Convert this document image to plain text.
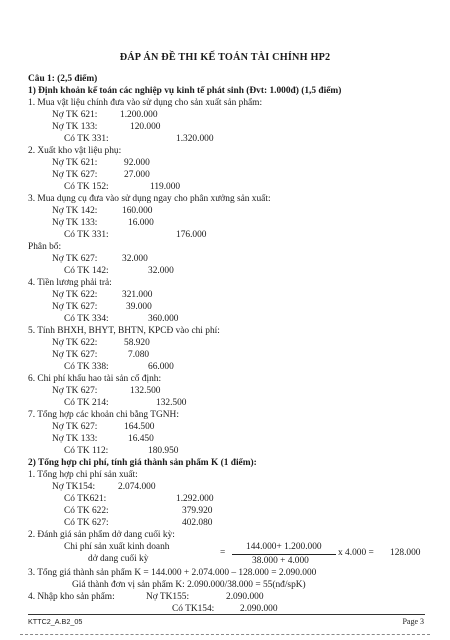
ĐÁP ÁN ĐỀ THI KẾ TOÁN TÀI CHÍNH HP2
Câu 1: (2,5 điểm)
1) Định khoản kế toán các nghiệp vụ kinh tế phát sinh (Đvt: 1.000đ) (1,5 điểm)
1. Mua vật liệu chính đưa vào sử dụng cho sản xuất sản phẩm:
Nợ TK 621: 1.200.000
Nợ TK 133:	120.000
Có TK 331:	1.320.000
2. Xuất kho vật liệu phụ:
Nợ TK 621:	92.000
Nợ TK 627:	27.000
Có TK 152:	119.000
3. Mua dụng cụ đưa vào sử dụng ngay cho phân xưởng sản xuất:
Nợ TK 142:	160.000
Nợ TK 133:	16.000
Có TK 331:	176.000
Phân bổ:
Nợ TK 627:	32.000
Có TK 142:	32.000
4. Tiền lương phải trả:
Nợ TK 622:	321.000
Nợ TK 627:	39.000
Có TK 334:	360.000
5. Tính BHXH, BHYT, BHTN, KPCĐ vào chi phí:
Nợ TK 622:	58.920
Nợ TK 627:	7.080
Có TK 338:	66.000
6. Chi phí khấu hao tài sản cố định:
Nợ TK 627:	132.500
Có TK 214:	132.500
7. Tổng hợp các khoản chi bằng TGNH:
Nợ TK 627:	164.500
Nợ TK 133:	16.450
Có TK 112:	180.950
2) Tổng hợp chi phí, tính giá thành sản phẩm K (1 điểm):
1. Tổng hợp chi phí sản xuất:
Nợ TK154: 2.074.000
Có TK621:	1.292.000
Có TK 622:	379.920
Có TK 627:	402.080
2. Đánh giá sản phẩm dở dang cuối kỳ:
Chi phí sản xuất kinh doanh
dở dang cuối kỳ
=
144.000+ 1.200.000
38.000 + 4.000
x 4.000 = 128.000
3. Tổng giá thành sản phẩm K = 144.000 + 2.074.000 – 128.000 = 2.090.000
Giá thành đơn vị sản phẩm K: 2.090.000/38.000 = 55(nđ/spK)
4. Nhập kho sản phẩm:	Nợ TK155:	2.090.000
Có TK154:	2.090.000
KTTC2_A.B2_05	Page 3
